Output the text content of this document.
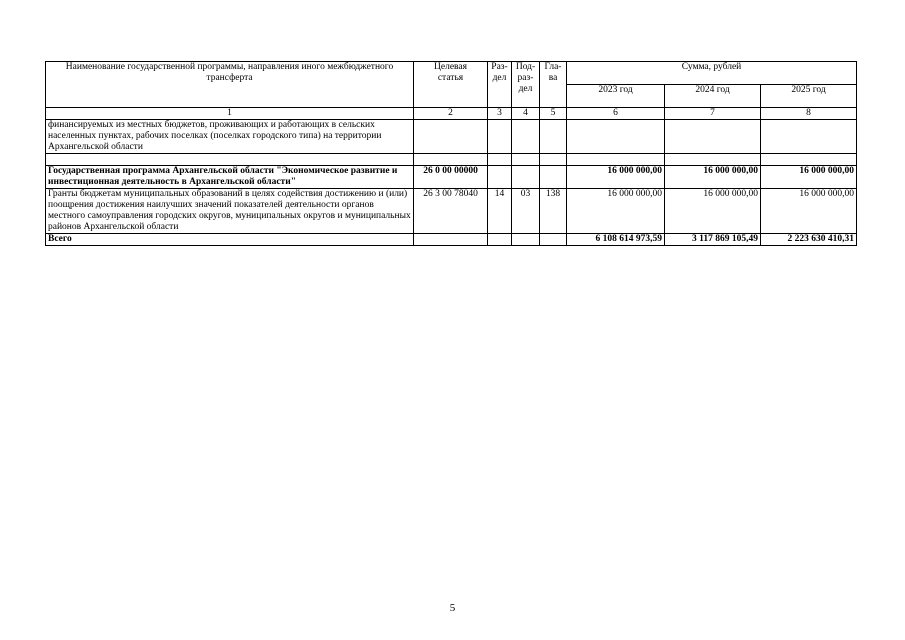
Наименование государственной программы, направления иного межбюджетного трансферта	Целевая статья	Раз-дел	Под-раз-дел	Гла-ва	Сумма, рублей		
					2023 год	2024 год	2025 год
1	2	3	4	5	6	7	8
финансируемых из местных бюджетов, проживающих и работающих в сельских населенных пунктах, рабочих поселках (поселках городского типа) на территории Архангельской области							

Государственная программа Архангельской области "Экономическое развитие и инвестиционная деятельность в Архангельской области"	26 0 00 00000				16 000 000,00	16 000 000,00	16 000 000,00
Гранты бюджетам муниципальных образований в целях содействия достижению и (или) поощрения достижения наилучших значений показателей деятельности органов местного самоуправления городских округов, муниципальных округов и муниципальных районов Архангельской области	26 3 00 78040	14	03	138	16 000 000,00	16 000 000,00	16 000 000,00
Всего					6 108 614 973,59	3 117 869 105,49	2 223 630 410,31
5
